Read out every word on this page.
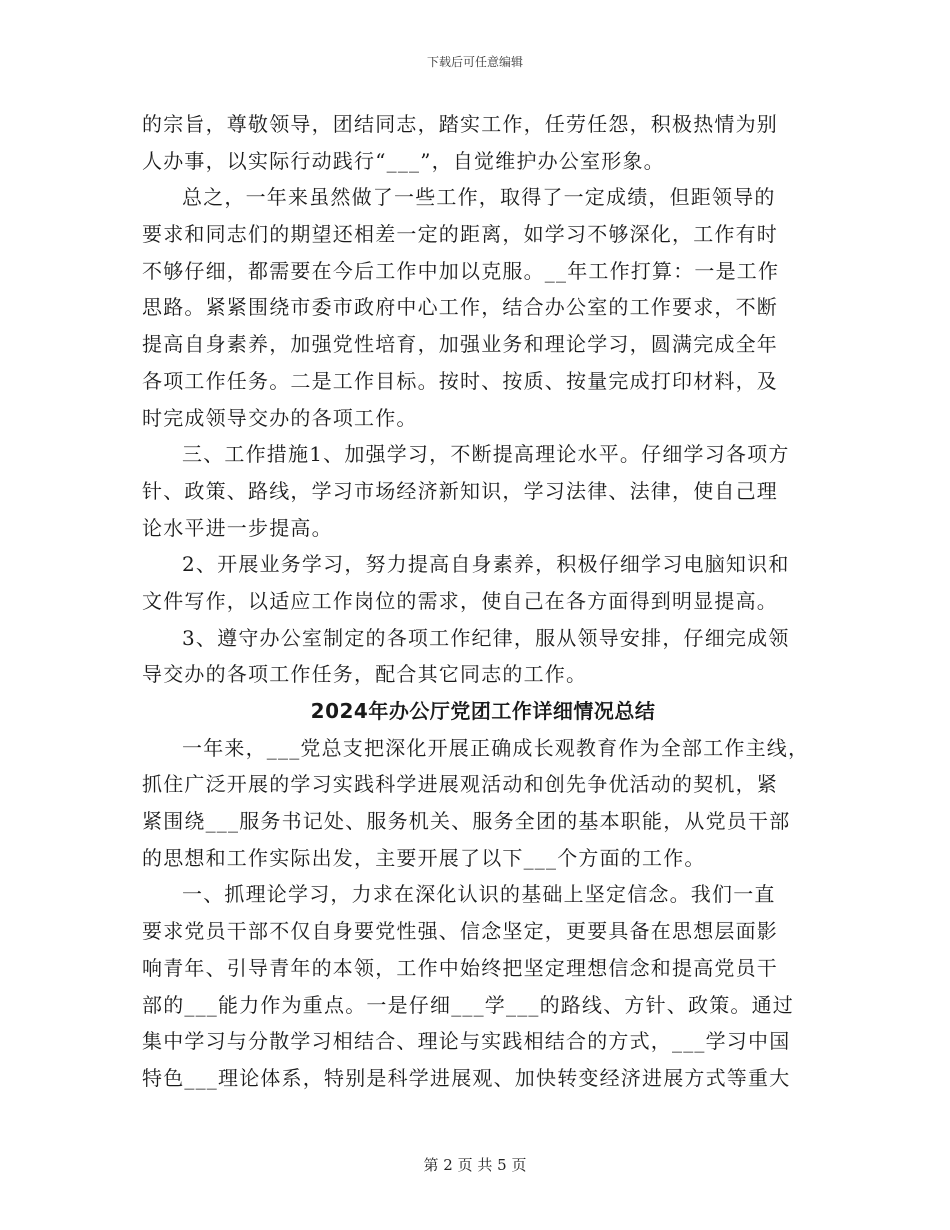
下载后可任意编辑
的宗旨，尊敬领导，团结同志，踏实工作，任劳任怨，积极热情为别
人办事，以实际行动践行“___”，自觉维护办公室形象。
总之，一年来虽然做了一些工作，取得了一定成绩，但距领导的
要求和同志们的期望还相差一定的距离，如学习不够深化，工作有时
不够仔细，都需要在今后工作中加以克服。__年工作打算：一是工作
思路。紧紧围绕市委市政府中心工作，结合办公室的工作要求，不断
提高自身素养，加强党性培育，加强业务和理论学习，圆满完成全年
各项工作任务。二是工作目标。按时、按质、按量完成打印材料，及
时完成领导交办的各项工作。
三、工作措施1、加强学习，不断提高理论水平。仔细学习各项方
针、政策、路线，学习市场经济新知识，学习法律、法律，使自己理
论水平进一步提高。
2、开展业务学习，努力提高自身素养，积极仔细学习电脑知识和
文件写作，以适应工作岗位的需求，使自己在各方面得到明显提高。
3、遵守办公室制定的各项工作纪律，服从领导安排，仔细完成领
导交办的各项工作任务，配合其它同志的工作。
2024年办公厅党团工作详细情况总结
一年来，___党总支把深化开展正确成长观教育作为全部工作主线，
抓住广泛开展的学习实践科学进展观活动和创先争优活动的契机，紧
紧围绕___服务书记处、服务机关、服务全团的基本职能，从党员干部
的思想和工作实际出发，主要开展了以下___个方面的工作。
一、抓理论学习，力求在深化认识的基础上坚定信念。我们一直
要求党员干部不仅自身要党性强、信念坚定，更要具备在思想层面影
响青年、引导青年的本领，工作中始终把坚定理想信念和提高党员干
部的___能力作为重点。一是仔细___学___的路线、方针、政策。通过
集中学习与分散学习相结合、理论与实践相结合的方式，___学习中国
特色___理论体系，特别是科学进展观、加快转变经济进展方式等重大
第 2 页 共 5 页
